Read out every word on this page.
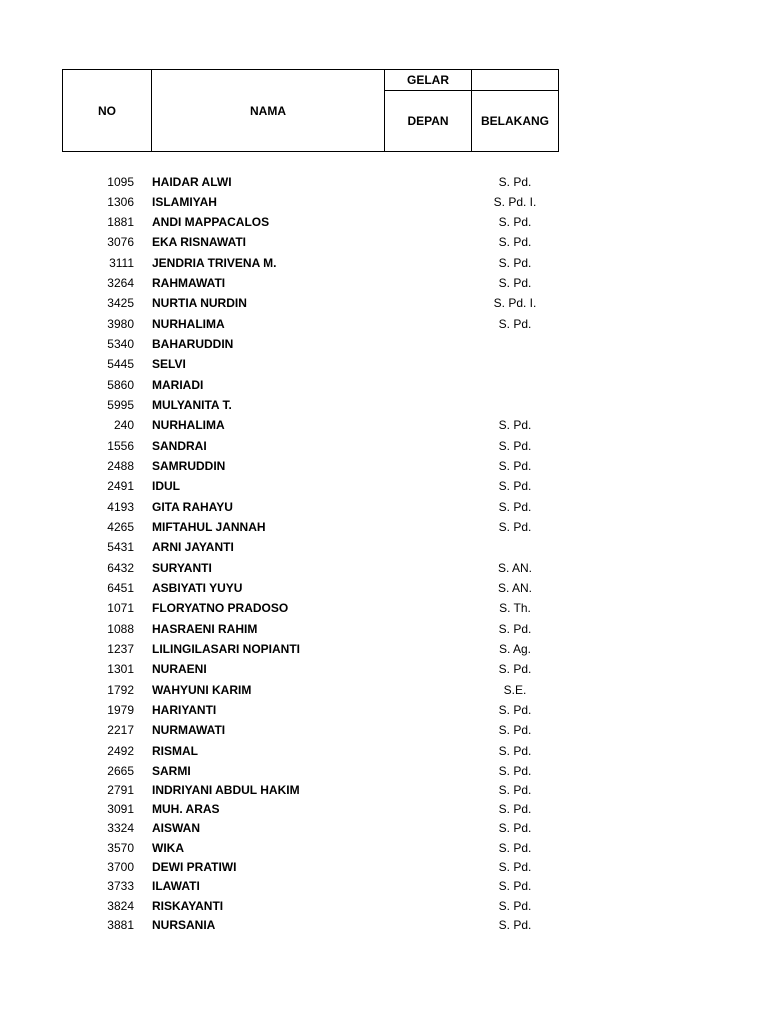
NO	NAMA
GELAR
DEPAN	BELAKANG
1095 HAIDAR ALWI	S. Pd.
1306 ISLAMIYAH	S. Pd. I.
1881 ANDI MAPPACALOS	S. Pd.
3076 EKA RISNAWATI	S. Pd.
3111 JENDRIA TRIVENA M.	S. Pd.
3264 RAHMAWATI	S. Pd.
3425 NURTIA NURDIN	S. Pd. I.
3980 NURHALIMA	S. Pd.
5340 BAHARUDDIN
5445 SELVI
5860 MARIADI
5995 MULYANITA T.
240 NURHALIMA	S. Pd.
1556 SANDRAI	S. Pd.
2488 SAMRUDDIN	S. Pd.
2491 IDUL	S. Pd.
4193 GITA RAHAYU	S. Pd.
4265 MIFTAHUL JANNAH	S. Pd.
5431 ARNI JAYANTI
6432 SURYANTI	S. AN.
6451 ASBIYATI YUYU	S. AN.
1071 FLORYATNO PRADOSO	S. Th.
1088 HASRAENI RAHIM	S. Pd.
1237 LILINGILASARI NOPIANTI	S. Ag.
1301 NURAENI	S. Pd.
1792 WAHYUNI KARIM	S.E.
1979 HARIYANTI	S. Pd.
2217 NURMAWATI	S. Pd.
2492 RISMAL	S. Pd.
2665 SARMI	S. Pd.
2791 INDRIYANI ABDUL HAKIM	S. Pd.
3091 MUH. ARAS	S. Pd.
3324 AISWAN	S. Pd.
3570 WIKA	S. Pd.
3700 DEWI PRATIWI	S. Pd.
3733 ILAWATI	S. Pd.
3824 RISKAYANTI	S. Pd.
3881 NURSANIA	S. Pd.
